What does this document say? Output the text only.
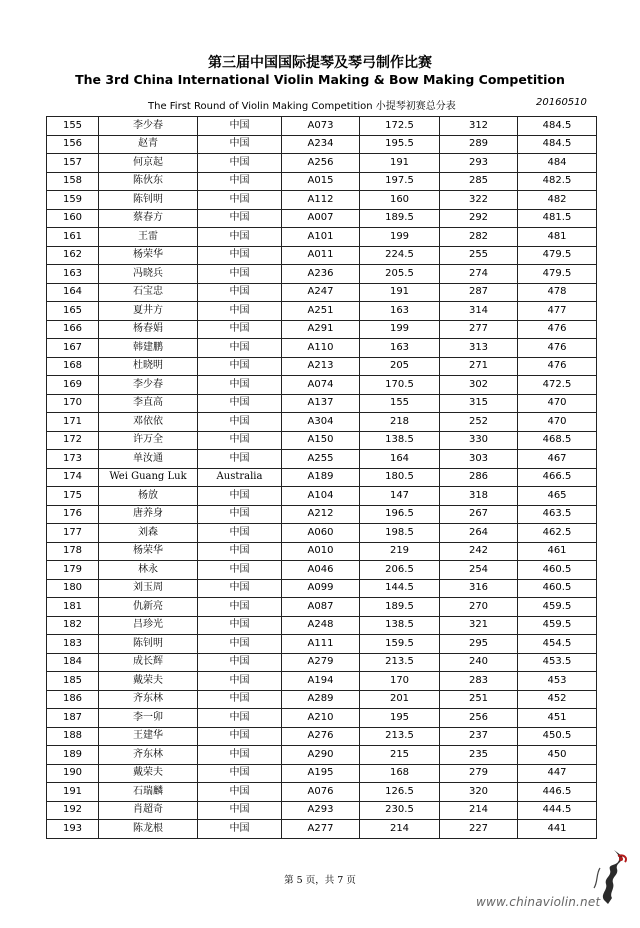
第三届中国国际提琴及琴弓制作比赛
The 3rd China International Violin Making & Bow Making Competition
The First Round of Violin Making Competition 小提琴初赛总分表	20160510
155	李少春	中国	A073	172.5	312	484.5
156	赵青	中国	A234	195.5	289	484.5
157	何京起	中国	A256	191	293	484
158	陈伙东	中国	A015	197.5	285	482.5
159	陈钊明	中国	A112	160	322	482
160	蔡春方	中国	A007	189.5	292	481.5
161	王雷	中国	A101	199	282	481
162	杨荣华	中国	A011	224.5	255	479.5
163	冯晓兵	中国	A236	205.5	274	479.5
164	石宝忠	中国	A247	191	287	478
165	夏井方	中国	A251	163	314	477
166	杨春娟	中国	A291	199	277	476
167	韩建鹏	中国	A110	163	313	476
168	杜晓明	中国	A213	205	271	476
169	李少春	中国	A074	170.5	302	472.5
170	李直高	中国	A137	155	315	470
171	邓依依	中国	A304	218	252	470
172	许万全	中国	A150	138.5	330	468.5
173	单汝通	中国	A255	164	303	467
174	Wei Guang Luk	Australia	A189	180.5	286	466.5
175	杨放	中国	A104	147	318	465
176	唐养身	中国	A212	196.5	267	463.5
177	刘森	中国	A060	198.5	264	462.5
178	杨荣华	中国	A010	219	242	461
179	林永	中国	A046	206.5	254	460.5
180	刘玉周	中国	A099	144.5	316	460.5
181	仇新亮	中国	A087	189.5	270	459.5
182	吕珍光	中国	A248	138.5	321	459.5
183	陈钊明	中国	A111	159.5	295	454.5
184	成长辉	中国	A279	213.5	240	453.5
185	戴荣夫	中国	A194	170	283	453
186	齐东林	中国	A289	201	251	452
187	李一卯	中国	A210	195	256	451
188	王建华	中国	A276	213.5	237	450.5
189	齐东林	中国	A290	215	235	450
190	戴荣夫	中国	A195	168	279	447
191	石瑞麟	中国	A076	126.5	320	446.5
192	肖超奇	中国	A293	230.5	214	444.5
193	陈龙根	中国	A277	214	227	441
第 5 页，共 7 页
www.chinaviolin.net
